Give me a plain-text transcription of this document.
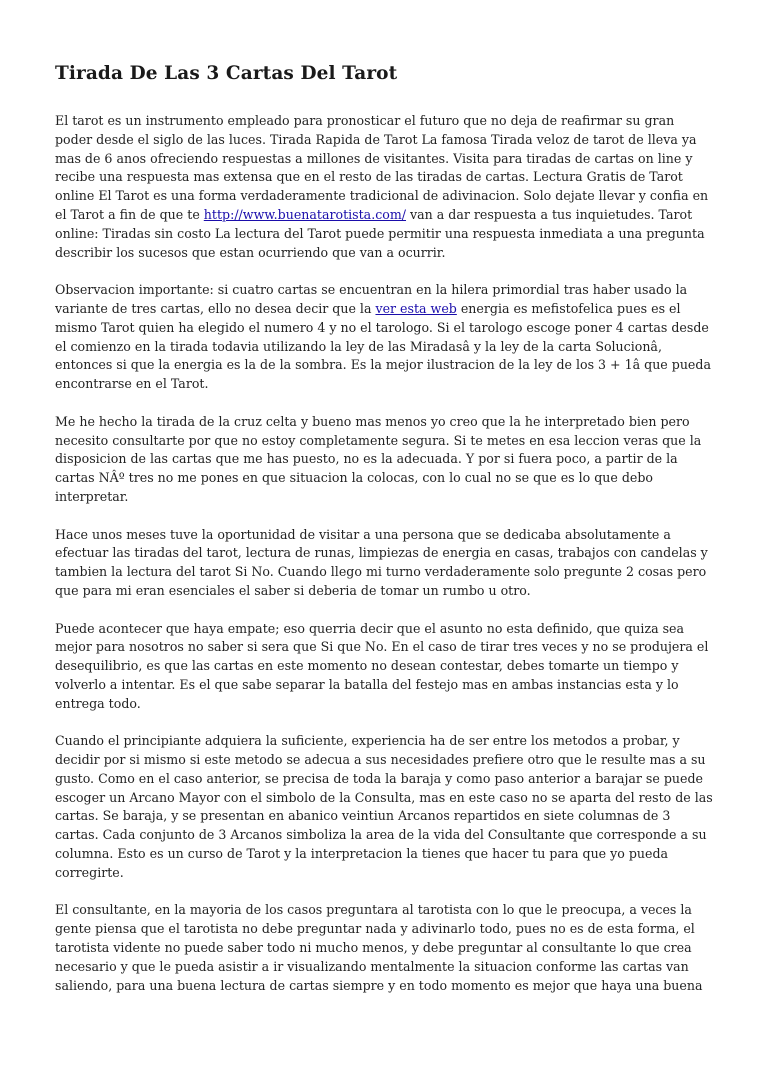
Tirada De Las 3 Cartas Del Tarot

El tarot es un instrumento empleado para pronosticar el futuro que no deja de reafirmar su gran poder desde el siglo de las luces. Tirada Rapida de Tarot La famosa Tirada veloz de tarot de lleva ya mas de 6 anos ofreciendo respuestas a millones de visitantes. Visita para tiradas de cartas on line y recibe una respuesta mas extensa que en el resto de las tiradas de cartas. Lectura Gratis de Tarot online El Tarot es una forma verdaderamente tradicional de adivinacion. Solo dejate llevar y confia en el Tarot a fin de que te http://www.buenatarotista.com/ van a dar respuesta a tus inquietudes. Tarot online: Tiradas sin costo La lectura del Tarot puede permitir una respuesta inmediata a una pregunta describir los sucesos que estan ocurriendo que van a ocurrir.

Observacion importante: si cuatro cartas se encuentran en la hilera primordial tras haber usado la variante de tres cartas, ello no desea decir que la ver esta web energia es mefistofelica pues es el mismo Tarot quien ha elegido el numero 4 y no el tarologo. Si el tarologo escoge poner 4 cartas desde el comienzo en la tirada todavia utilizando la ley de las Miradasâ y la ley de la carta Solucionâ, entonces si que la energia es la de la sombra. Es la mejor ilustracion de la ley de los 3 + 1â que pueda encontrarse en el Tarot.

Me he hecho la tirada de la cruz celta y bueno mas menos yo creo que la he interpretado bien pero necesito consultarte por que no estoy completamente segura. Si te metes en esa leccion veras que la disposicion de las cartas que me has puesto, no es la adecuada. Y por si fuera poco, a partir de la cartas NÂº tres no me pones en que situacion la colocas, con lo cual no se que es lo que debo interpretar.

Hace unos meses tuve la oportunidad de visitar a una persona que se dedicaba absolutamente a efectuar las tiradas del tarot, lectura de runas, limpiezas de energia en casas, trabajos con candelas y tambien la lectura del tarot Si No. Cuando llego mi turno verdaderamente solo pregunte 2 cosas pero que para mi eran esenciales el saber si deberia de tomar un rumbo u otro.

Puede acontecer que haya empate; eso querria decir que el asunto no esta definido, que quiza sea mejor para nosotros no saber si sera que Si que No. En el caso de tirar tres veces y no se produjera el desequilibrio, es que las cartas en este momento no desean contestar, debes tomarte un tiempo y volverlo a intentar. Es el que sabe separar la batalla del festejo mas en ambas instancias esta y lo entrega todo.

Cuando el principiante adquiera la suficiente, experiencia ha de ser entre los metodos a probar, y decidir por si mismo si este metodo se adecua a sus necesidades prefiere otro que le resulte mas a su gusto. Como en el caso anterior, se precisa de toda la baraja y como paso anterior a barajar se puede escoger un Arcano Mayor con el simbolo de la Consulta, mas en este caso no se aparta del resto de las cartas. Se baraja, y se presentan en abanico veintiun Arcanos repartidos en siete columnas de 3 cartas. Cada conjunto de 3 Arcanos simboliza la area de la vida del Consultante que corresponde a su columna. Esto es un curso de Tarot y la interpretacion la tienes que hacer tu para que yo pueda corregirte.

El consultante, en la mayoria de los casos preguntara al tarotista con lo que le preocupa, a veces la gente piensa que el tarotista no debe preguntar nada y adivinarlo todo, pues no es de esta forma, el tarotista vidente no puede saber todo ni mucho menos, y debe preguntar al consultante lo que crea necesario y que le pueda asistir a ir visualizando mentalmente la situacion conforme las cartas van saliendo, para una buena lectura de cartas siempre y en todo momento es mejor que haya una buena
